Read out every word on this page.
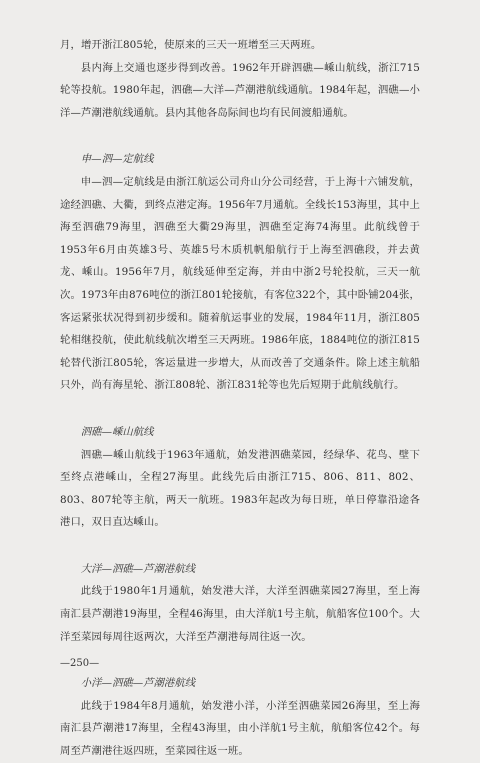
月，增开浙江805轮，使原来的三天一班增至三天两班。

县内海上交通也逐步得到改善。1962年开辟泗礁—嵊山航线，浙江715轮等投航。1980年起，泗礁—大洋—芦潮港航线通航。1984年起，泗礁—小洋—芦潮港航线通航。县内其他各岛际间也均有民间渡船通航。

申—泗—定航线

申—泗—定航线是由浙江航运公司舟山分公司经营，于上海十六铺发航，途经泗礁、大衢，到终点港定海。1956年7月通航。全线长153海里，其中上海至泗礁79海里，泗礁至大衢29海里，泗礁至定海74海里。此航线曾于1953年6月由英雄3号、英雄5号木质机帆船航行于上海至泗礁段，并去黄龙、嵊山。1956年7月，航线延伸至定海，并由中浙2号轮投航，三天一航次。1973年由876吨位的浙江801轮接航，有客位322个，其中卧铺204张，客运紧张状况得到初步缓和。随着航运事业的发展，1984年11月，浙江805轮相继投航，使此航线航次增至三天两班。1986年底，1884吨位的浙江815轮替代浙江805轮，客运量进一步增大，从而改善了交通条件。除上述主航船只外，尚有海星轮、浙江808轮、浙江831轮等也先后短期于此航线航行。

泗礁—嵊山航线

泗礁—嵊山航线于1963年通航，始发港泗礁菜园，经绿华、花鸟、壁下至终点港嵊山，全程27海里。此线先后由浙江715、806、811、802、803、807轮等主航，两天一航班。1983年起改为每日班，单日停靠沿途各港口，双日直达嵊山。

大洋—泗礁—芦潮港航线

此线于1980年1月通航，始发港大洋，大洋至泗礁菜园27海里，至上海南汇县芦潮港19海里，全程46海里，由大洋航1号主航，航船客位100个。大洋至菜园每周往返两次，大洋至芦潮港每周往返一次。

小洋—泗礁—芦潮港航线

此线于1984年8月通航，始发港小洋，小洋至泗礁菜园26海里，至上海南汇县芦潮港17海里，全程43海里，由小洋航1号主航，航船客位42个。每周至芦潮港往返四班，至菜园往返一班。

—250—
